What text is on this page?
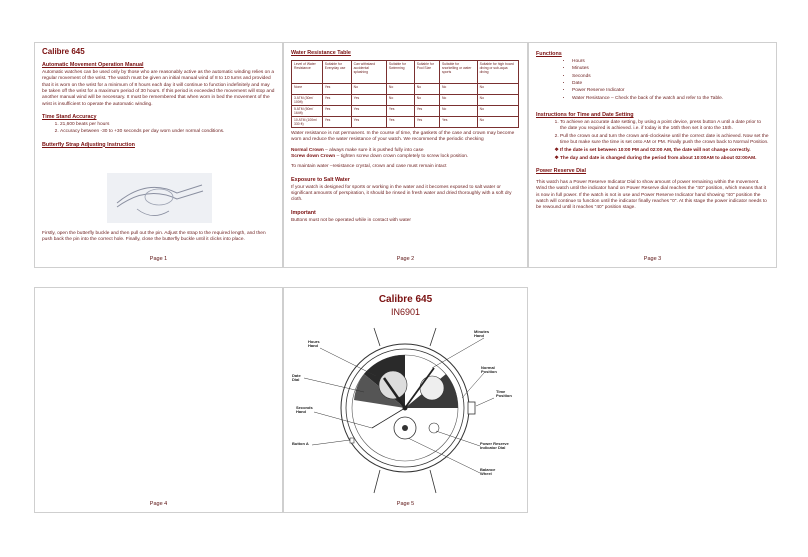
Calibre 645
Automatic Movement Operation Manual
Automatic watches can be used only by those who are reasonably active as the automatic winding relies on a regular movement of the wrist. The watch must be given an initial manual wind of 8 to 10 turns and provided that it is worn on the wrist for a minimum of 8 hours each day it will continue to function indefinitely and may be taken off the wrist for a maximum period of 30 hours. If this period is exceeded the movement will stop and another manual wind will be necessary. It must be remembered that when worn in bed the movement of the wrist is insufficient to operate the automatic winding.
Time Stand Accuracy
1. 21,600 beats per hours
2. Accuracy between -30 to +30 seconds per day worn under normal conditions.
Butterfly Strap Adjusting Instruction
Firstly, open the butterfly buckle and then pull out the pin. Adjust the strap to the required length, and then push back the pin into the correct hole. Finally, close the butterfly buckle until it clicks into place.
Page 1
Water Resistance Table
Level of Water Resistance	Suitable for Everyday use	Can withstand accidental splashing	Suitable for Swimming	Suitable for Pool Size	Suitable for snorkelling or water sports	Suitable for high board diving or sub-aqua diving
None	Yes	No	No	No	No	No
3 ATM (30m/ 100ft)	Yes	Yes	No	No	No	No
5 ATM (50m/ 164ft)	Yes	Yes	Yes	Yes	No	No
10 ATM (100m/ 330 ft)	Yes	Yes	Yes	Yes	Yes	No
Water resistance is not permanent. In the course of time, the gaskets of the case and crown may become worn and reduce the water resistance of your watch. We recommend the periodic checking
Normal Crown – always make sure it is pushed fully into case
Screw down Crown – tighten screw down crown completely to screw lock position.
To maintain water –resistance crystal, crown and case must remain intact
Exposure to Salt Water
If your watch is designed for sports or working in the water and it becomes exposed to salt water or significant amounts of perspiration, it should be rinsed in fresh water and dried thoroughly with a soft dry cloth.
Important
Buttons must not be operated while in contact with water
Page 2
Functions
• Hours
• Minutes
• Seconds
• Date
• Power Reserve Indicator
• Water Resistance – Check the back of the watch and refer to the Table.
Instructions for Time and Date Setting
1. To achieve an accurate date setting, by using a point device, press button A until a date prior to the date you required is achieved. i.e. if today is the 16th then set it onto the 15th.
2. Pull the crown out and turn the crown anti-clockwise until the correct date is achieved. Now set the time but make sure the time is set onto AM or PM. Finally push the crown back to Normal Position.
❖ If the date is set between 10:00 PM and 02:00 AM, the date will not change correctly.
❖ The day and date is changed during the period from about 10:00AM to about 02:00AM.
Power Reserve Dial
This watch has a Power Reserve Indicator Dial to show amount of power remaining within the movement. Wind the watch until the indicator hand on Power Reserve dial reaches the "40" position, which means that it is now in full power. If the watch is not in use and Power Reserve Indicator hand showing "40" position the watch will continue to function until the indicator finally reaches "0". At this stage the power indicator needs to be rewound until it reaches "40" position stage.
Page 3
Page 4
Calibre 645
IN6901
Hours Hand
Minutes Hand
Date Dial
Normal Position
Time Position
Seconds Hand
Button A	Power Reserve Indicator Dial
Balance Wheel
Page 5
